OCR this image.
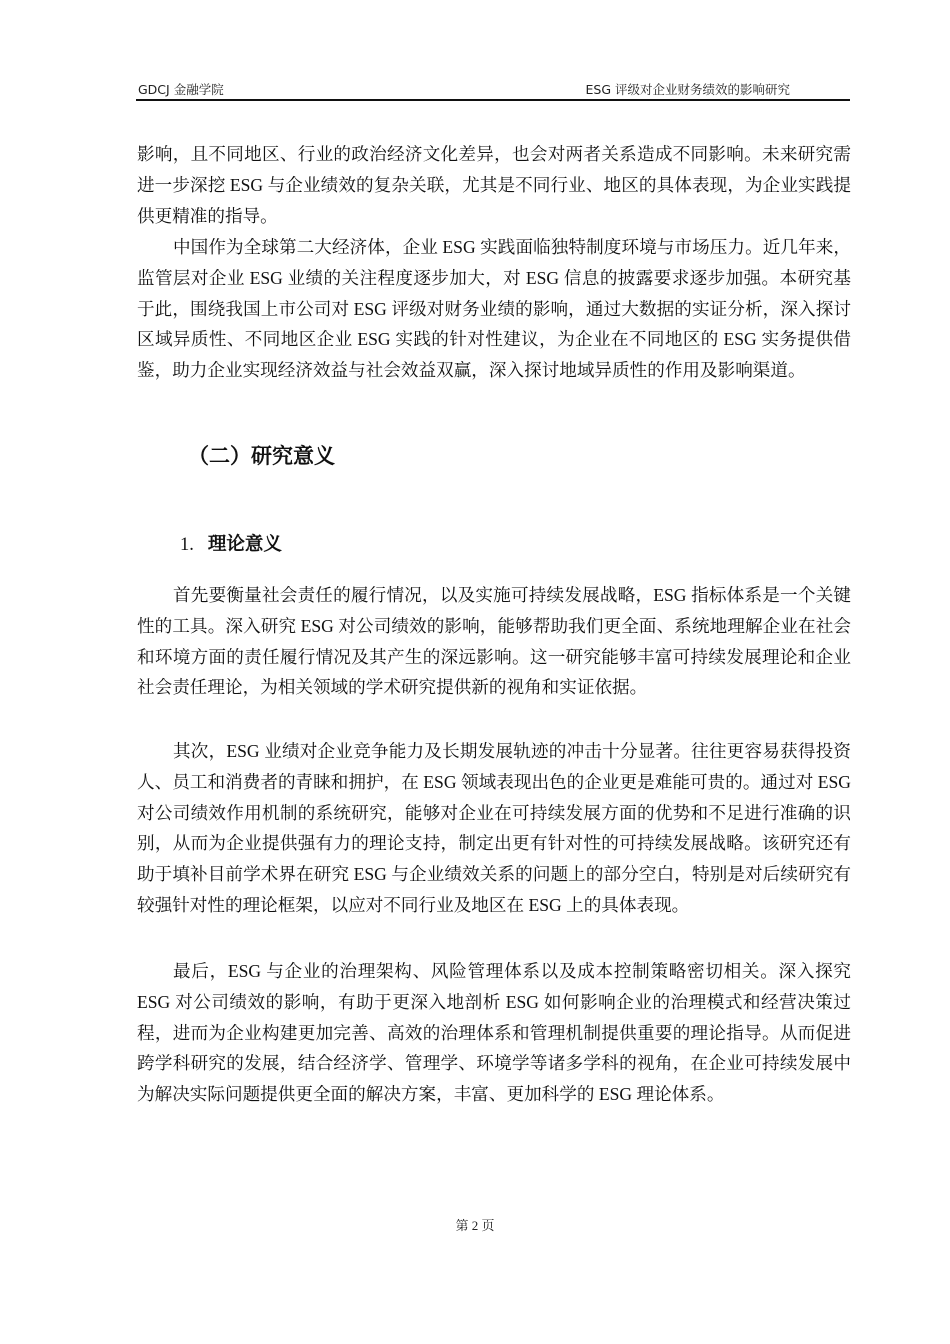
GDCJ 金融学院	ESG 评级对企业财务绩效的影响研究

影响，且不同地区、行业的政治经济文化差异，也会对两者关系造成不同影响。未来研究需进一步深挖 ESG 与企业绩效的复杂关联，尤其是不同行业、地区的具体表现，为企业实践提供更精准的指导。

中国作为全球第二大经济体，企业 ESG 实践面临独特制度环境与市场压力。近几年来，监管层对企业 ESG 业绩的关注程度逐步加大，对 ESG 信息的披露要求逐步加强。本研究基于此，围绕我国上市公司对 ESG 评级对财务业绩的影响，通过大数据的实证分析，深入探讨区域异质性、不同地区企业 ESG 实践的针对性建议，为企业在不同地区的 ESG 实务提供借鉴，助力企业实现经济效益与社会效益双赢，深入探讨地域异质性的作用及影响渠道。

（二）研究意义
1. 理论意义

首先要衡量社会责任的履行情况，以及实施可持续发展战略，ESG 指标体系是一个关键性的工具。深入研究 ESG 对公司绩效的影响，能够帮助我们更全面、系统地理解企业在社会和环境方面的责任履行情况及其产生的深远影响。这一研究能够丰富可持续发展理论和企业社会责任理论，为相关领域的学术研究提供新的视角和实证依据。

其次，ESG 业绩对企业竞争能力及长期发展轨迹的冲击十分显著。往往更容易获得投资人、员工和消费者的青睐和拥护，在 ESG 领域表现出色的企业更是难能可贵的。通过对 ESG 对公司绩效作用机制的系统研究，能够对企业在可持续发展方面的优势和不足进行准确的识别，从而为企业提供强有力的理论支持，制定出更有针对性的可持续发展战略。该研究还有助于填补目前学术界在研究 ESG 与企业绩效关系的问题上的部分空白，特别是对后续研究有较强针对性的理论框架，以应对不同行业及地区在 ESG 上的具体表现。

最后，ESG 与企业的治理架构、风险管理体系以及成本控制策略密切相关。深入探究 ESG 对公司绩效的影响，有助于更深入地剖析 ESG 如何影响企业的治理模式和经营决策过程，进而为企业构建更加完善、高效的治理体系和管理机制提供重要的理论指导。从而促进跨学科研究的发展，结合经济学、管理学、环境学等诸多学科的视角，在企业可持续发展中为解决实际问题提供更全面的解决方案，丰富、更加科学的 ESG 理论体系。

第 2 页
